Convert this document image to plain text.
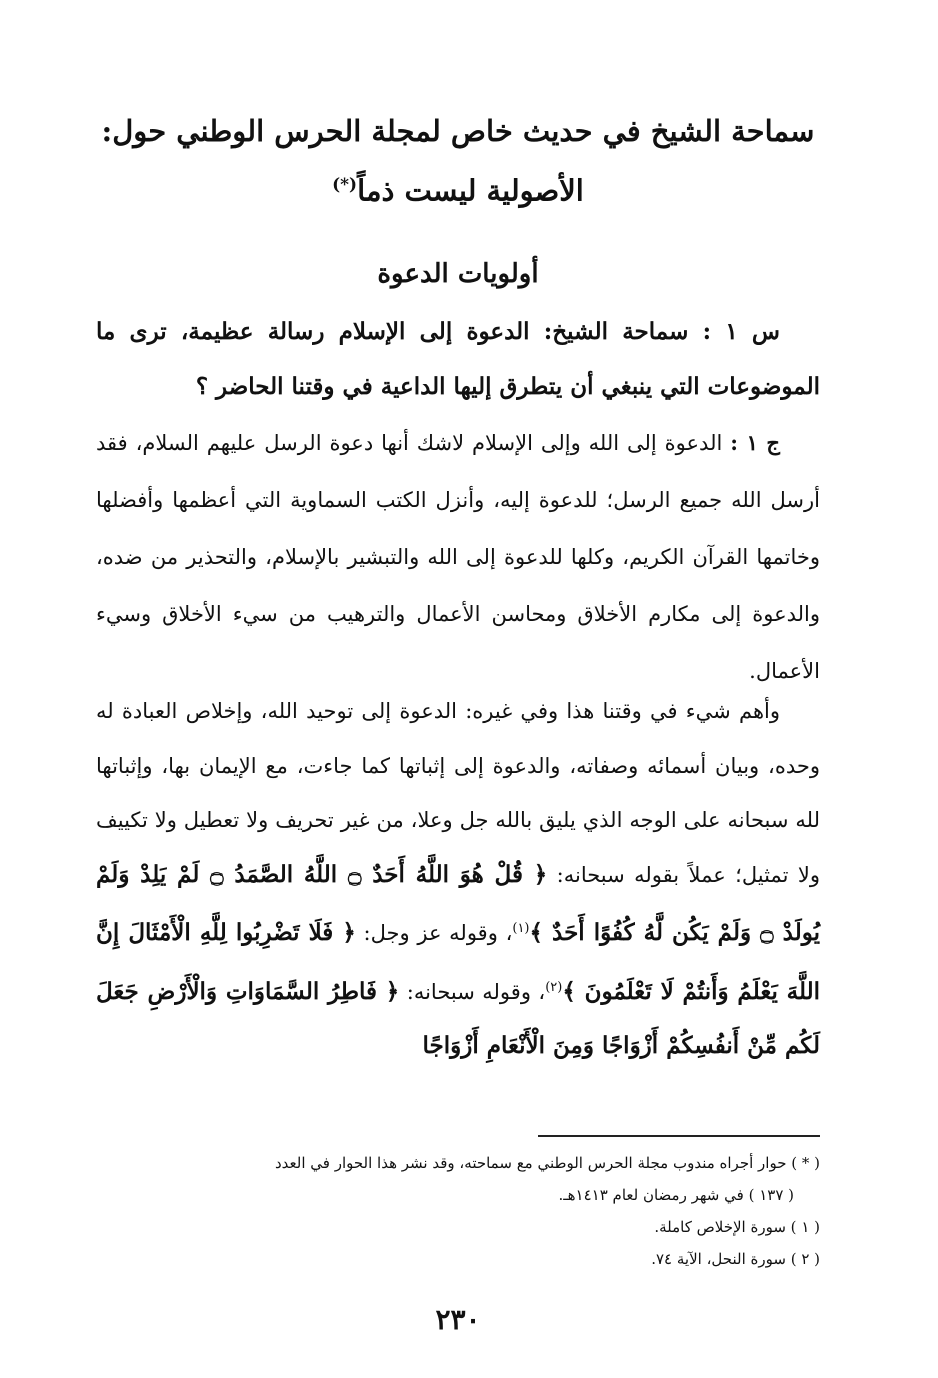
سماحة الشيخ في حديث خاص لمجلة الحرس الوطني حول:
الأصولية ليست ذماً(*)
أولويات الدعوة

س ١ : سماحة الشيخ: الدعوة إلى الإسلام رسالة عظيمة، ترى ما الموضوعات التي ينبغي أن يتطرق إليها الداعية في وقتنا الحاضر ؟

ج ١ : الدعوة إلى الله وإلى الإسلام لاشك أنها دعوة الرسل عليهم السلام، فقد أرسل الله جميع الرسل؛ للدعوة إليه، وأنزل الكتب السماوية التي أعظمها وأفضلها وخاتمها القرآن الكريم، وكلها للدعوة إلى الله والتبشير بالإسلام، والتحذير من ضده، والدعوة إلى مكارم الأخلاق ومحاسن الأعمال والترهيب من سيء الأخلاق وسيء الأعمال.

وأهم شيء في وقتنا هذا وفي غيره: الدعوة إلى توحيد الله، وإخلاص العبادة له وحده، وبيان أسمائه وصفاته، والدعوة إلى إثباتها كما جاءت، مع الإيمان بها، وإثباتها لله سبحانه على الوجه الذي يليق بالله جل وعلا، من غير تحريف ولا تعطيل ولا تكييف ولا تمثيل؛ عملاً بقوله سبحانه: ﴿ قُلْ هُوَ اللَّهُ أَحَدٌ ۝ اللَّهُ الصَّمَدُ ۝ لَمْ يَلِدْ وَلَمْ يُولَدْ ۝ وَلَمْ يَكُن لَّهُ كُفُوًا أَحَدٌ ﴾$^{(١)}$، وقوله عز وجل: ﴿ فَلَا تَضْرِبُوا لِلَّهِ الْأَمْثَالَ إِنَّ اللَّهَ يَعْلَمُ وَأَنتُمْ لَا تَعْلَمُونَ ﴾$^{(٢)}$، وقوله سبحانه: ﴿ فَاطِرُ السَّمَاوَاتِ وَالْأَرْضِ جَعَلَ لَكُم مِّنْ أَنفُسِكُمْ أَزْوَاجًا وَمِنَ الْأَنْعَامِ أَزْوَاجًا

( * ) حوار أجراه مندوب مجلة الحرس الوطني مع سماحته، وقد نشر هذا الحوار في العدد
( ١٣٧ ) في شهر رمضان لعام ١٤١٣هـ.
( ١ ) سورة الإخلاص كاملة.
( ٢ ) سورة النحل، الآية ٧٤.
٢٣٠
